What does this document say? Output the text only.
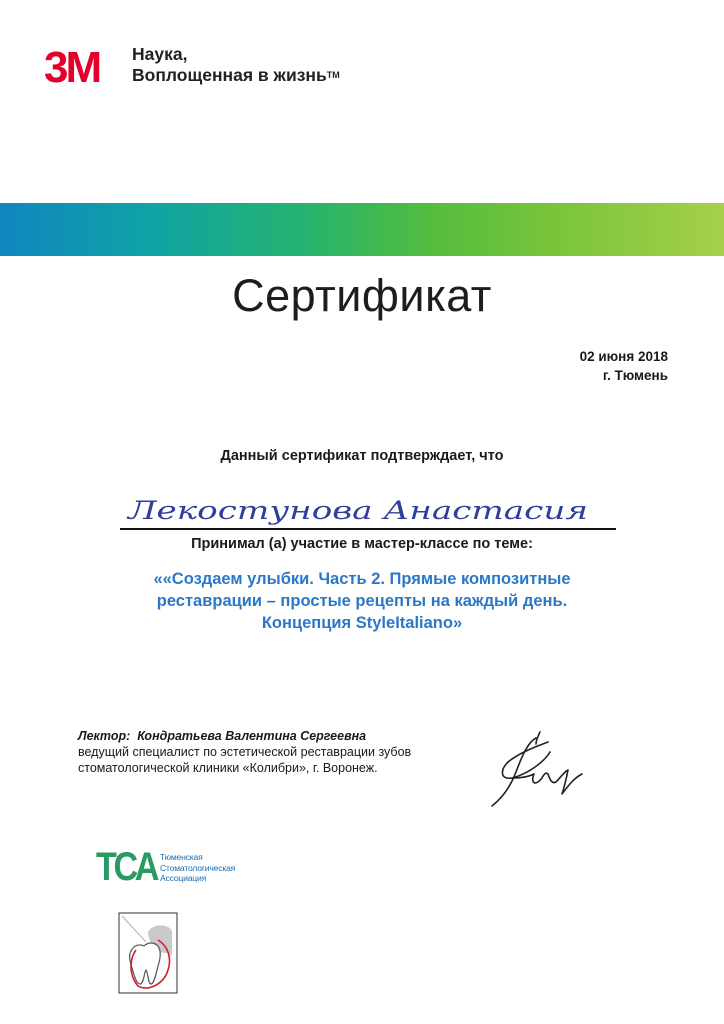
3M Наука,
Воплощенная в жизнь™
Сертификат
02 июня 2018
г. Тюмень
Данный сертификат подтверждает, что
Лекостунова Анастасия
Принимал (а) участие в мастер-классе по теме:
««Создаем улыбки. Часть 2. Прямые композитные
реставрации – простые рецепты на каждый день.
Концепция StyleItaliano»
Лектор: Кондратьева Валентина Сергеевна
ведущий специалист по эстетической реставрации зубов
стоматологической клиники «Колибри», г. Воронеж.
TCA Тюменская
Стоматологическая
Ассоциация
